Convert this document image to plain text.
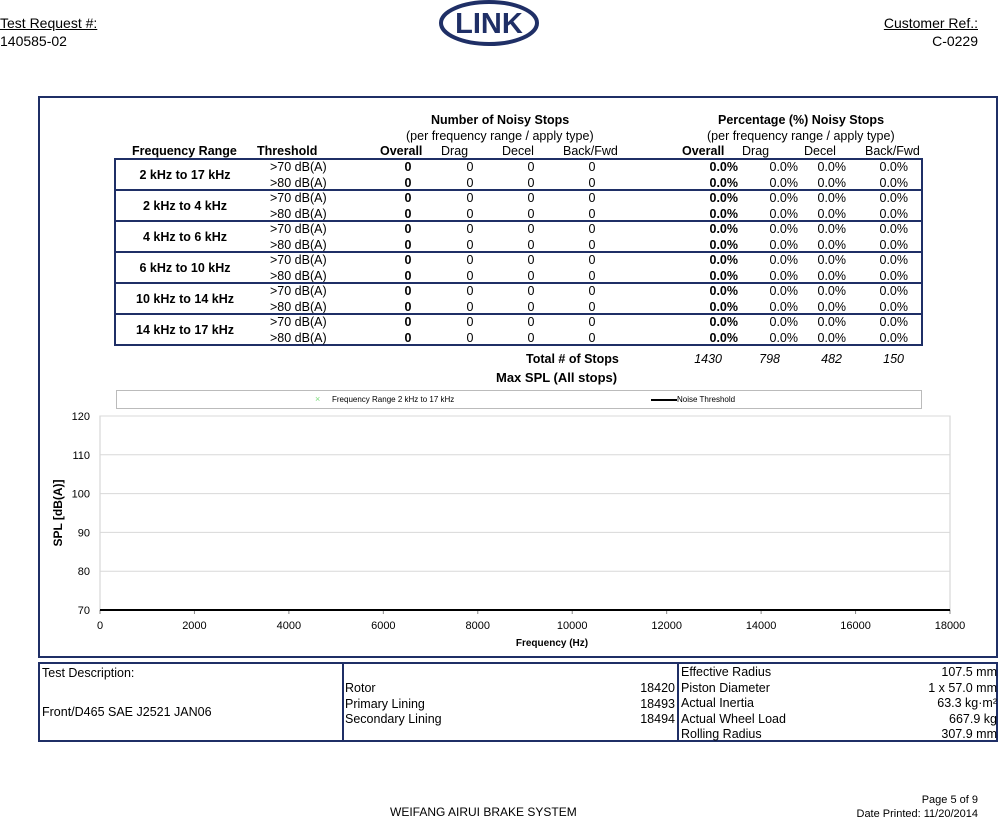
Test Request #:
140585-02
Customer Ref.:
C-0229
LINK
Number of Noisy Stops
(per frequency range / apply type)
Percentage (%) Noisy Stops
(per frequency range / apply type)
Frequency Range Threshold	Overall Drag	Decel Back/Fwd	Overall Drag	Decel Back/Fwd
2 kHz to 17 kHz
>70 dB(A)	0	0	0	0	0.0%	0.0%	0.0%	0.0%
>80 dB(A)	0	0	0	0	0.0%	0.0%	0.0%	0.0%
2 kHz to 4 kHz
>70 dB(A)	0	0	0	0	0.0%	0.0%	0.0%	0.0%
>80 dB(A)	0	0	0	0	0.0%	0.0%	0.0%	0.0%
4 kHz to 6 kHz
>70 dB(A)	0	0	0	0	0.0%	0.0%	0.0%	0.0%
>80 dB(A)	0	0	0	0	0.0%	0.0%	0.0%	0.0%
6 kHz to 10 kHz
>70 dB(A)	0	0	0	0	0.0%	0.0%	0.0%	0.0%
>80 dB(A)	0	0	0	0	0.0%	0.0%	0.0%	0.0%
10 kHz to 14 kHz
>70 dB(A)	0	0	0	0	0.0%	0.0%	0.0%	0.0%
>80 dB(A)	0	0	0	0	0.0%	0.0%	0.0%	0.0%
14 kHz to 17 kHz
>70 dB(A)	0	0	0	0	0.0%	0.0%	0.0%	0.0%
>80 dB(A)	0	0	0	0	0.0%	0.0%	0.0%	0.0%
Total # of Stops	1430	798	482	150
Max SPL (All stops)
× Frequency Range 2 kHz to 17 kHz	Noise Threshold
120
110
100
90
80
70
0	2000	4000	6000	8000	10000	12000	14000	16000	18000
SPL [dB(A)]
Frequency (Hz)
Test Description:
Front/D465 SAE J2521 JAN06
Rotor	18420
Primary Lining	18493
Secondary Lining	18494
Effective Radius	107.5 mm
Piston Diameter	1 x 57.0 mm
Actual Inertia	63.3 kg·m²
Actual Wheel Load	667.9 kg
Rolling Radius	307.9 mm
WEIFANG AIRUI BRAKE SYSTEM
Page 5 of 9
Date Printed: 11/20/2014
